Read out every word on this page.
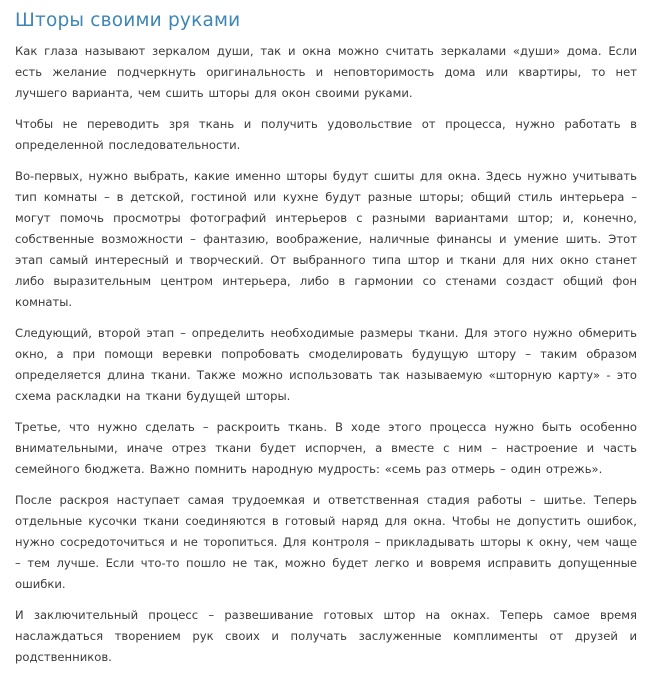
Шторы своими руками

Как глаза называют зеркалом души, так и окна можно считать зеркалами «души» дома. Если есть желание подчеркнуть оригинальность и неповторимость дома или квартиры, то нет лучшего варианта, чем сшить шторы для окон своими руками.

Чтобы не переводить зря ткань и получить удовольствие от процесса, нужно работать в определенной последовательности.

Во-первых, нужно выбрать, какие именно шторы будут сшиты для окна. Здесь нужно учитывать тип комнаты – в детской, гостиной или кухне будут разные шторы; общий стиль интерьера – могут помочь просмотры фотографий интерьеров с разными вариантами штор; и, конечно, собственные возможности – фантазию, воображение, наличные финансы и умение шить. Этот этап самый интересный и творческий. От выбранного типа штор и ткани для них окно станет либо выразительным центром интерьера, либо в гармонии со стенами создаст общий фон комнаты.

Следующий, второй этап – определить необходимые размеры ткани. Для этого нужно обмерить окно, а при помощи веревки попробовать смоделировать будущую штору – таким образом определяется длина ткани. Также можно использовать так называемую «шторную карту» - это схема раскладки на ткани будущей шторы.

Третье, что нужно сделать – раскроить ткань. В ходе этого процесса нужно быть особенно внимательными, иначе отрез ткани будет испорчен, а вместе с ним – настроение и часть семейного бюджета. Важно помнить народную мудрость: «семь раз отмерь – один отрежь».

После раскроя наступает самая трудоемкая и ответственная стадия работы – шитье. Теперь отдельные кусочки ткани соединяются в готовый наряд для окна. Чтобы не допустить ошибок, нужно сосредоточиться и не торопиться. Для контроля – прикладывать шторы к окну, чем чаще – тем лучше. Если что-то пошло не так, можно будет легко и вовремя исправить допущенные ошибки.

И заключительный процесс – развешивание готовых штор на окнах. Теперь самое время наслаждаться творением рук своих и получать заслуженные комплименты от друзей и родственников.
